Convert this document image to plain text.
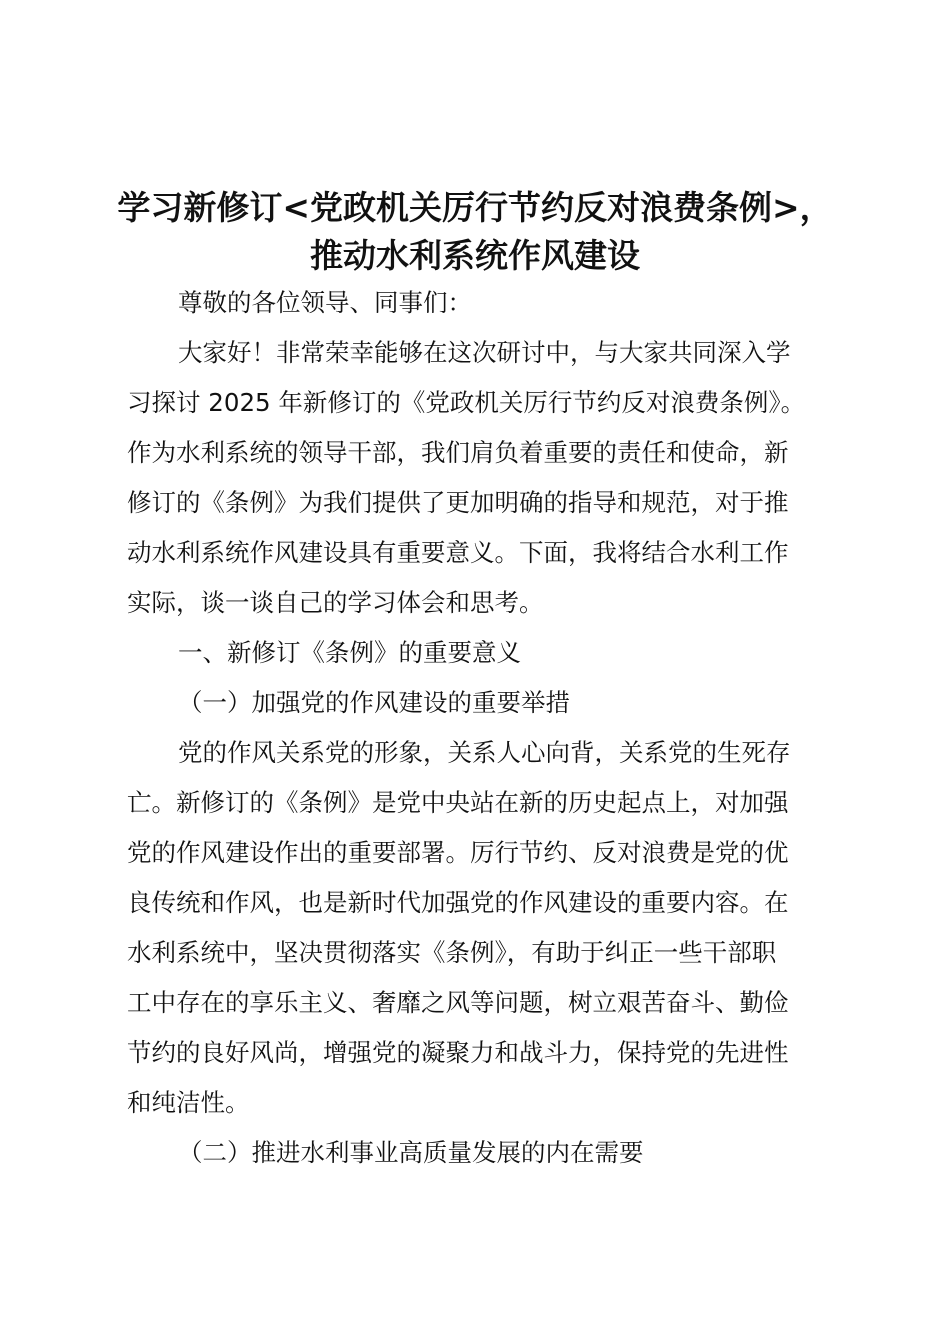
学习新修订<党政机关厉行节约反对浪费条例>，
推动水利系统作风建设
尊敬的各位领导、同事们：
大家好！非常荣幸能够在这次研讨中，与大家共同深入学
习探讨 2025 年新修订的《党政机关厉行节约反对浪费条例》。
作为水利系统的领导干部，我们肩负着重要的责任和使命，新
修订的《条例》为我们提供了更加明确的指导和规范，对于推
动水利系统作风建设具有重要意义。下面，我将结合水利工作
实际，谈一谈自己的学习体会和思考。
一、新修订《条例》的重要意义
（一）加强党的作风建设的重要举措
党的作风关系党的形象，关系人心向背，关系党的生死存
亡。新修订的《条例》是党中央站在新的历史起点上，对加强
党的作风建设作出的重要部署。厉行节约、反对浪费是党的优
良传统和作风，也是新时代加强党的作风建设的重要内容。在
水利系统中，坚决贯彻落实《条例》，有助于纠正一些干部职
工中存在的享乐主义、奢靡之风等问题，树立艰苦奋斗、勤俭
节约的良好风尚，增强党的凝聚力和战斗力，保持党的先进性
和纯洁性。
（二）推进水利事业高质量发展的内在需要
